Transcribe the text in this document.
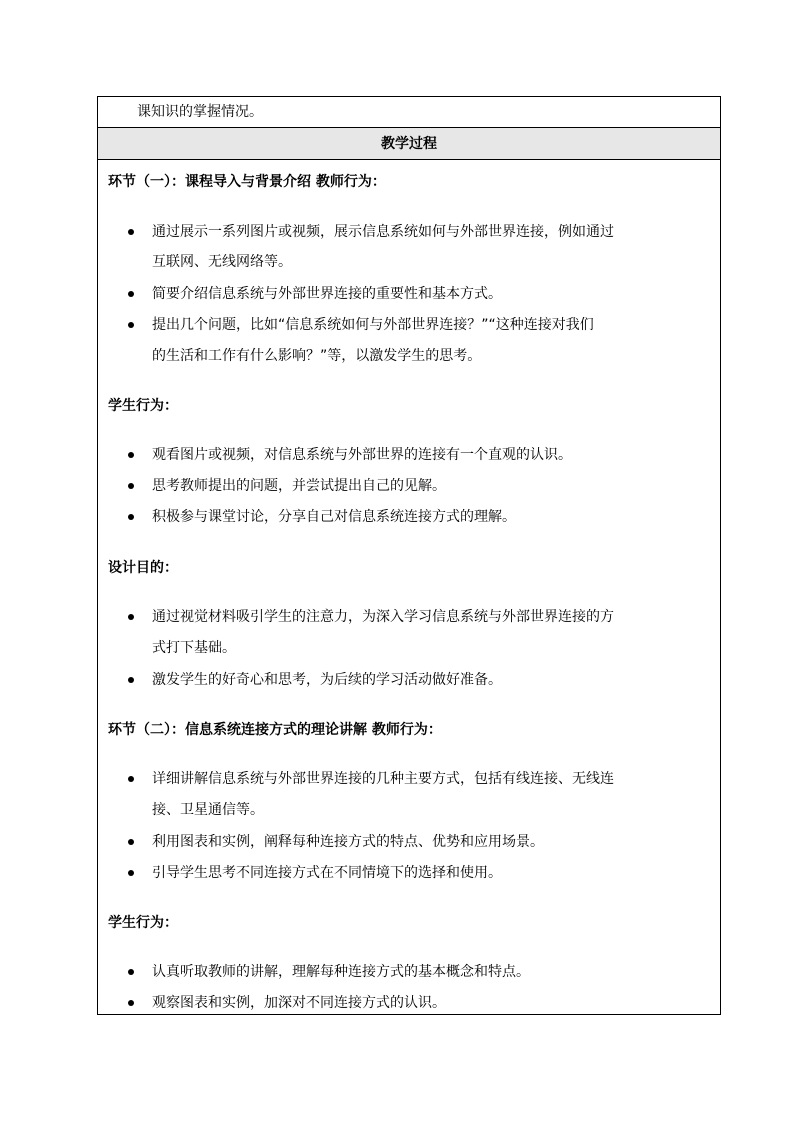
课知识的掌握情况。
教学过程
环节（一）：课程导入与背景介绍 教师行为：
通过展示一系列图片或视频，展示信息系统如何与外部世界连接，例如通过
互联网、无线网络等。
简要介绍信息系统与外部世界连接的重要性和基本方式。
提出几个问题，比如“信息系统如何与外部世界连接？”“这种连接对我们
的生活和工作有什么影响？”等，以激发学生的思考。
学生行为：
观看图片或视频，对信息系统与外部世界的连接有一个直观的认识。
思考教师提出的问题，并尝试提出自己的见解。
积极参与课堂讨论，分享自己对信息系统连接方式的理解。
设计目的：
通过视觉材料吸引学生的注意力，为深入学习信息系统与外部世界连接的方
式打下基础。
激发学生的好奇心和思考，为后续的学习活动做好准备。
环节（二）：信息系统连接方式的理论讲解 教师行为：
详细讲解信息系统与外部世界连接的几种主要方式，包括有线连接、无线连
接、卫星通信等。
利用图表和实例，阐释每种连接方式的特点、优势和应用场景。
引导学生思考不同连接方式在不同情境下的选择和使用。
学生行为：
认真听取教师的讲解，理解每种连接方式的基本概念和特点。
观察图表和实例，加深对不同连接方式的认识。
